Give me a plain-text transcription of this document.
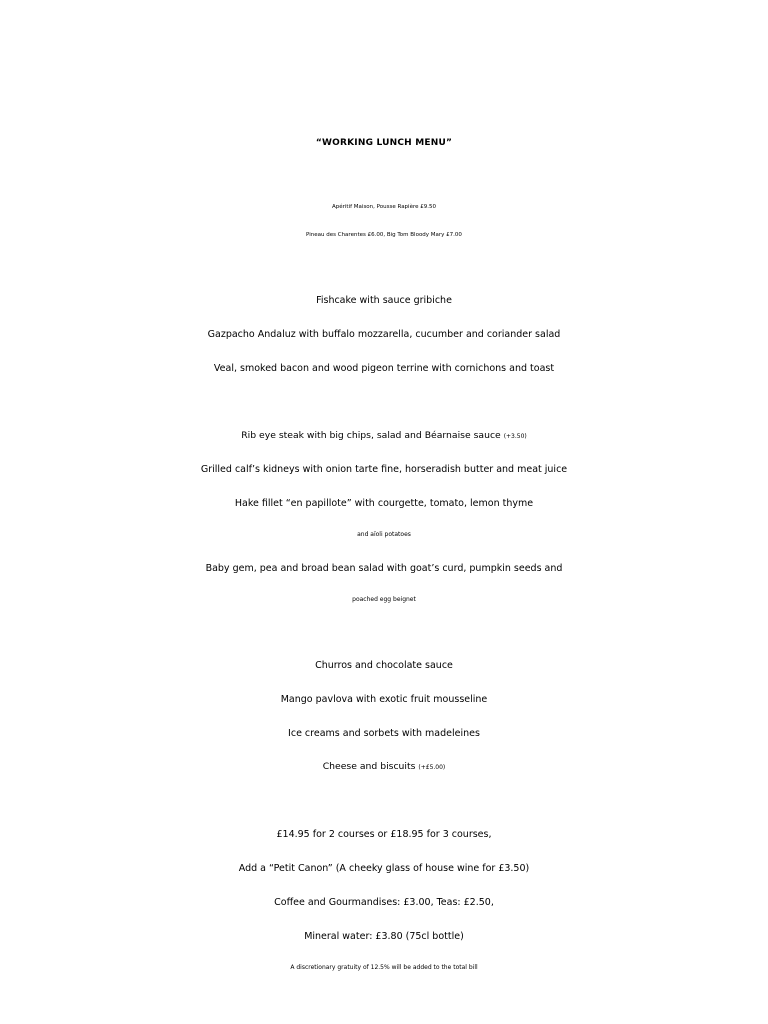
“WORKING LUNCH MENU”
Apéritif Maison, Pousse Rapière £9.50
Pineau des Charentes £6.00, Big Tom Bloody Mary £7.00
Fishcake with sauce gribiche
Gazpacho Andaluz with buffalo mozzarella, cucumber and coriander salad
Veal, smoked bacon and wood pigeon terrine with cornichons and toast
Rib eye steak with big chips, salad and Béarnaise sauce (+3.50)
Grilled calf’s kidneys with onion tarte fine, horseradish butter and meat juice
Hake fillet “en papillote” with courgette, tomato, lemon thyme
and aïoli potatoes
Baby gem, pea and broad bean salad with goat’s curd, pumpkin seeds and
poached egg beignet
Churros and chocolate sauce
Mango pavlova with exotic fruit mousseline
Ice creams and sorbets with madeleines
Cheese and biscuits (+£5.00)
£14.95 for 2 courses or £18.95 for 3 courses,
Add a “Petit Canon” (A cheeky glass of house wine for £3.50)
Coffee and Gourmandises: £3.00, Teas: £2.50,
Mineral water: £3.80 (75cl bottle)
A discretionary gratuity of 12.5% will be added to the total bill
